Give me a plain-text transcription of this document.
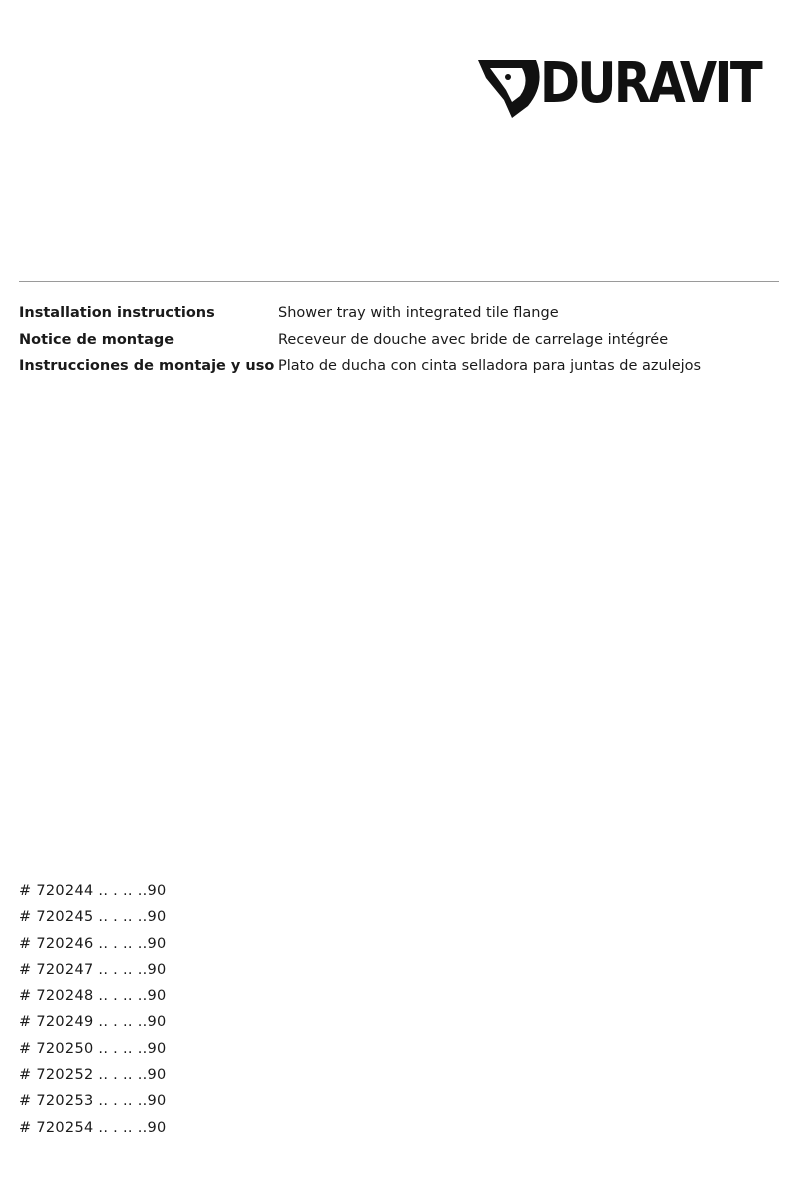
DURAVIT
Installation instructions	Shower tray with integrated tile flange
Notice de montage	Receveur de douche avec bride de carrelage intégrée
Instrucciones de montaje y uso Plato de ducha con cinta selladora para juntas de azulejos
# 720244 .. . .. ..90
# 720245 .. . .. ..90
# 720246 .. . .. ..90
# 720247 .. . .. ..90
# 720248 .. . .. ..90
# 720249 .. . .. ..90
# 720250 .. . .. ..90
# 720252 .. . .. ..90
# 720253 .. . .. ..90
# 720254 .. . .. ..90
